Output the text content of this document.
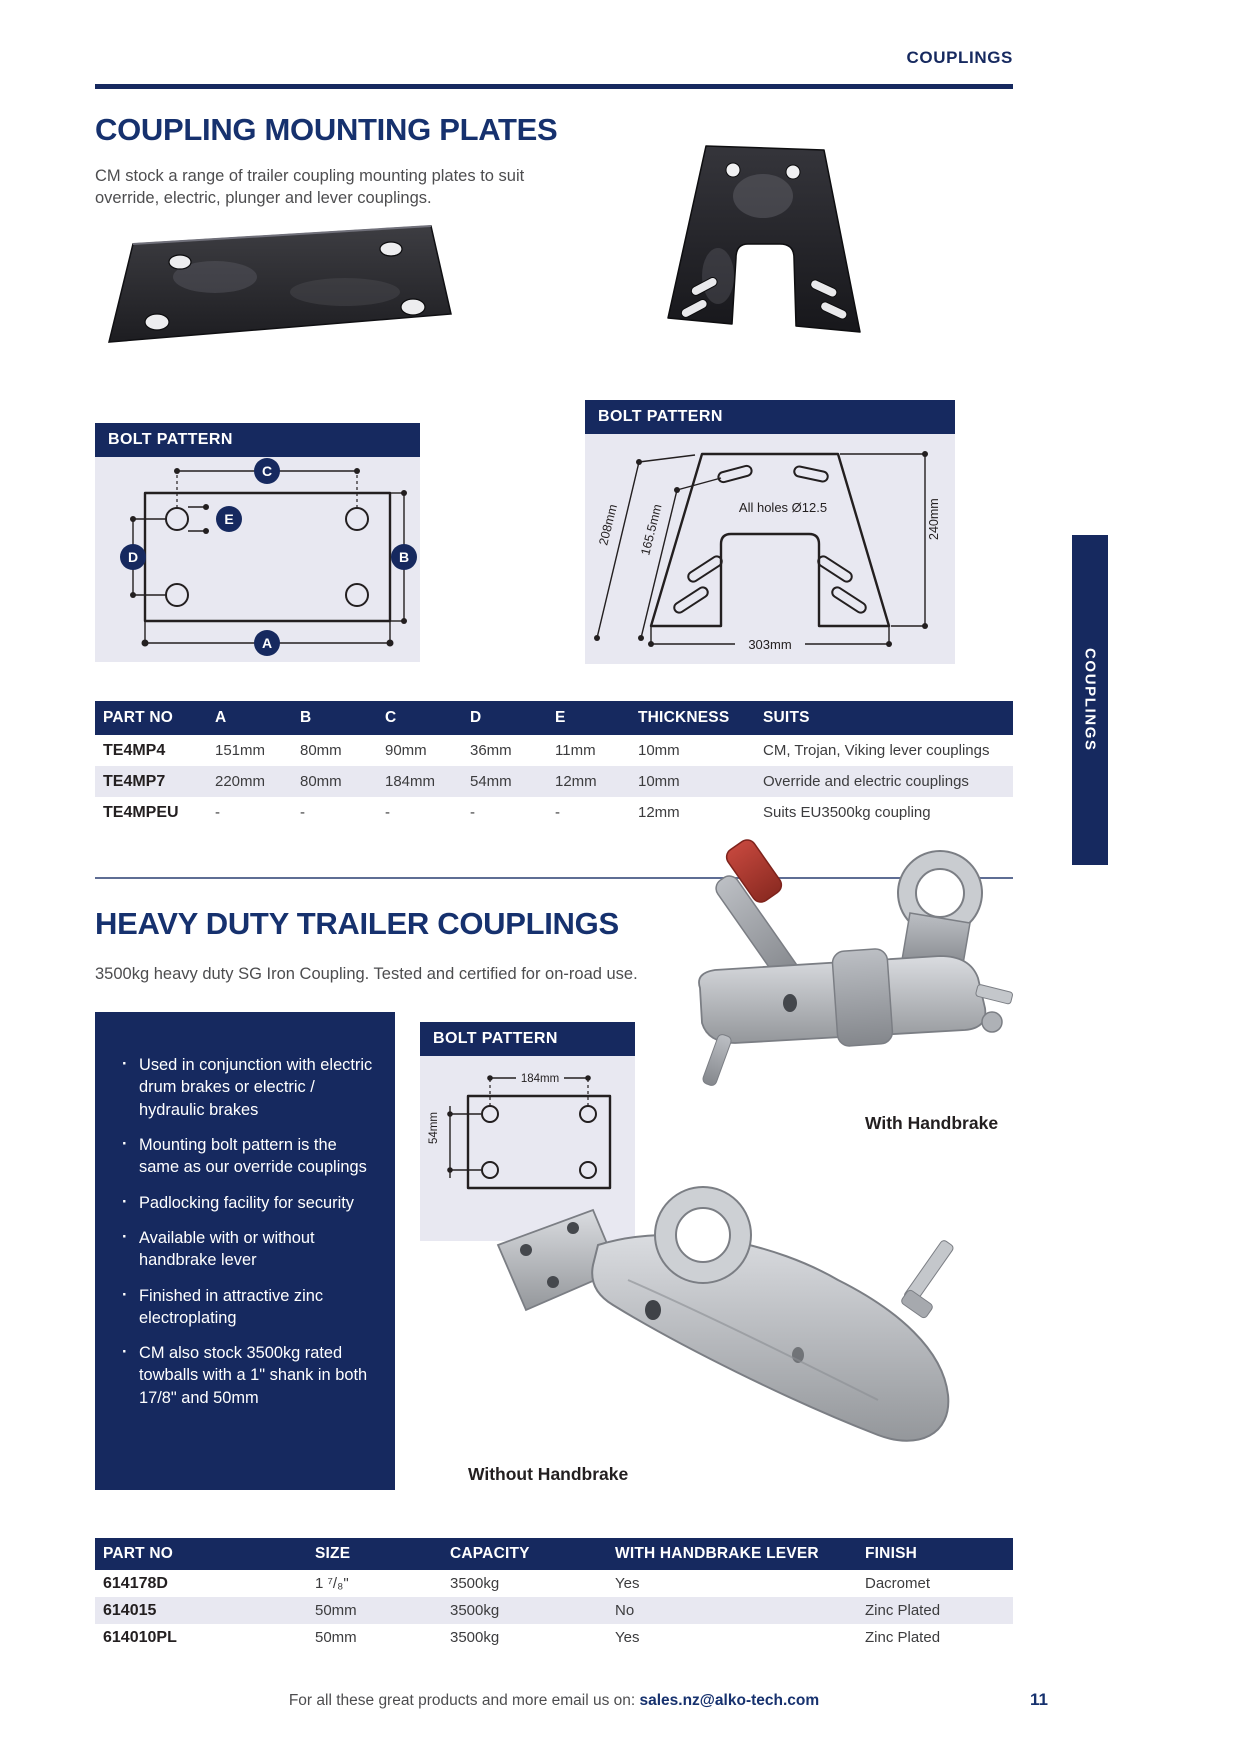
COUPLINGS
COUPLING MOUNTING PLATES
CM stock a range of trailer coupling mounting plates to suit override, electric, plunger and lever couplings.
BOLT PATTERN
C
E
D	B
A
BOLT PATTERN
All holes Ø12.5
208mm 165.5mm	240mm
303mm
PART NO	A	B	C	D	E	THICKNESS	SUITS
TE4MP4	151mm	80mm	90mm	36mm	11mm	10mm	CM, Trojan, Viking lever couplings
TE4MP7	220mm	80mm	184mm	54mm	12mm	10mm	Override and electric couplings
TE4MPEU	-	-	-	-	-	12mm	Suits EU3500kg coupling
HEAVY DUTY TRAILER COUPLINGS
3500kg heavy duty SG Iron Coupling. Tested and certified for on-road use.
· Used in conjunction with electric drum brakes or electric / hydraulic brakes
· Mounting bolt pattern is the same as our override couplings
· Padlocking facility for security
· Available with or without handbrake lever
· Finished in attractive zinc electroplating
· CM also stock 3500kg rated towballs with a 1" shank in both 17/8" and 50mm
BOLT PATTERN
184mm
54mm	With Handbrake
Without Handbrake
PART NO	SIZE	CAPACITY	WITH HANDBRAKE LEVER	FINISH
614178D	1 ⁷/₈"	3500kg	Yes	Dacromet
614015	50mm	3500kg	No	Zinc Plated
614010PL	50mm	3500kg	Yes	Zinc Plated
COUPLINGS
For all these great products and more email us on: sales.nz@alko-tech.com	11
